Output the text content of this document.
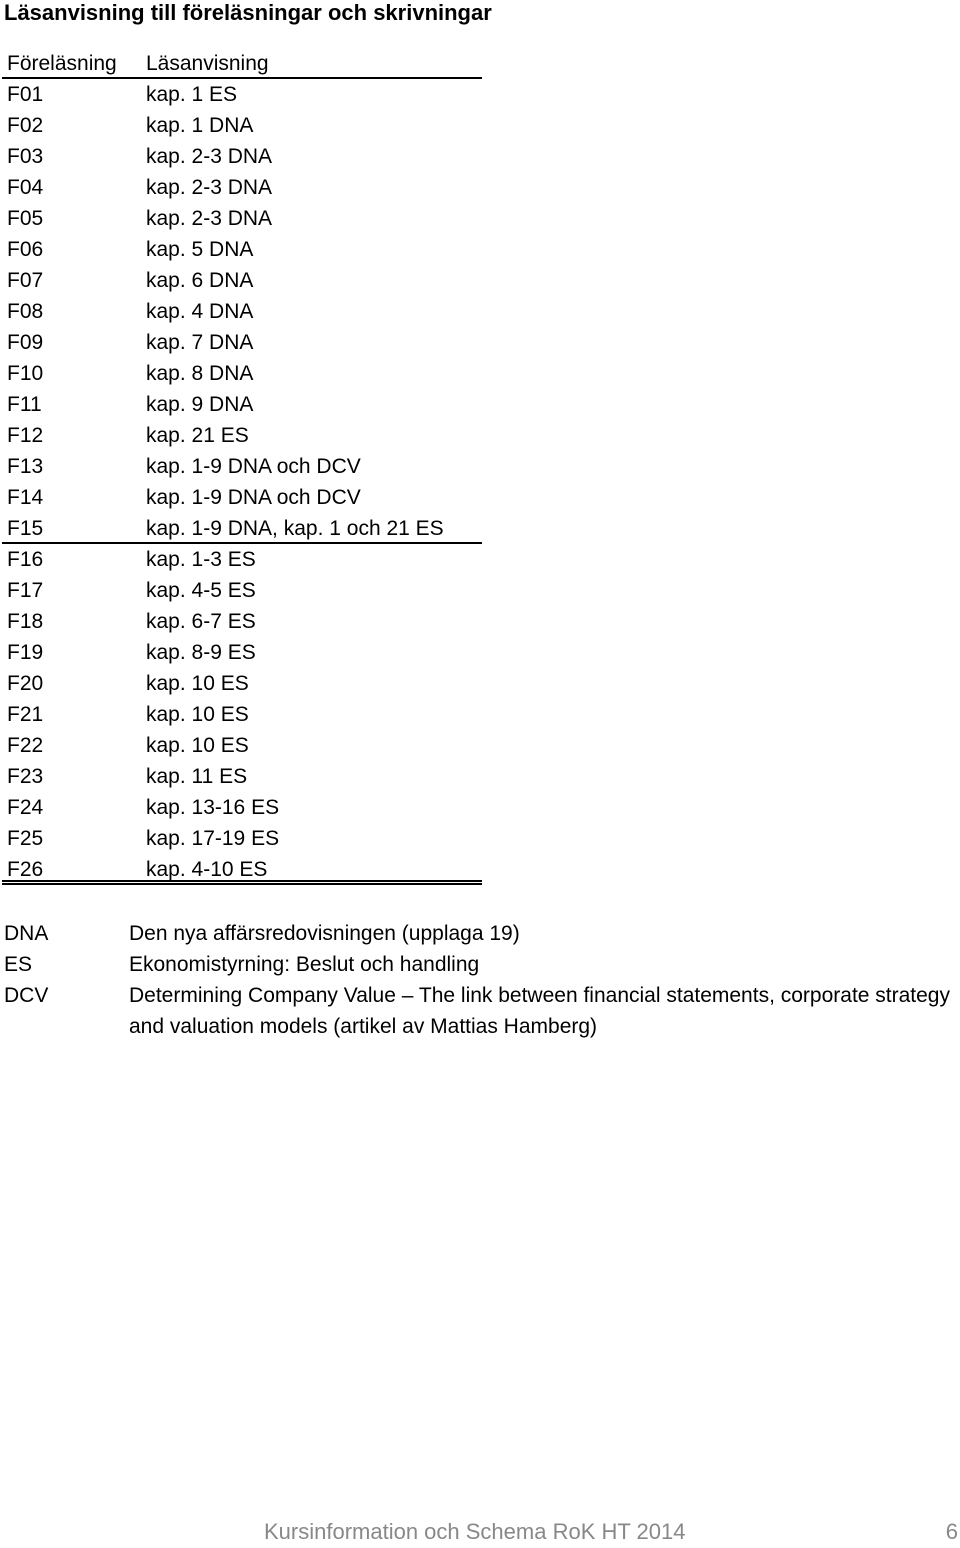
Läsanvisning till föreläsningar och skrivningar
Föreläsning	Läsanvisning
F01	kap. 1 ES
F02	kap. 1 DNA
F03	kap. 2-3 DNA
F04	kap. 2-3 DNA
F05	kap. 2-3 DNA
F06	kap. 5 DNA
F07	kap. 6 DNA
F08	kap. 4 DNA
F09	kap. 7 DNA
F10	kap. 8 DNA
F11	kap. 9 DNA
F12	kap. 21 ES
F13	kap. 1-9 DNA och DCV
F14	kap. 1-9 DNA och DCV
F15	kap. 1-9 DNA, kap. 1 och 21 ES
F16	kap. 1-3 ES
F17	kap. 4-5 ES
F18	kap. 6-7 ES
F19	kap. 8-9 ES
F20	kap. 10 ES
F21	kap. 10 ES
F22	kap. 10 ES
F23	kap. 11 ES
F24	kap. 13-16 ES
F25	kap. 17-19 ES
F26	kap. 4-10 ES
DNA	Den nya affärsredovisningen (upplaga 19)
ES	Ekonomistyrning: Beslut och handling
DCV	Determining Company Value – The link between financial statements, corporate strategy and valuation models (artikel av Mattias Hamberg)
Kursinformation och Schema RoK HT 2014	6
